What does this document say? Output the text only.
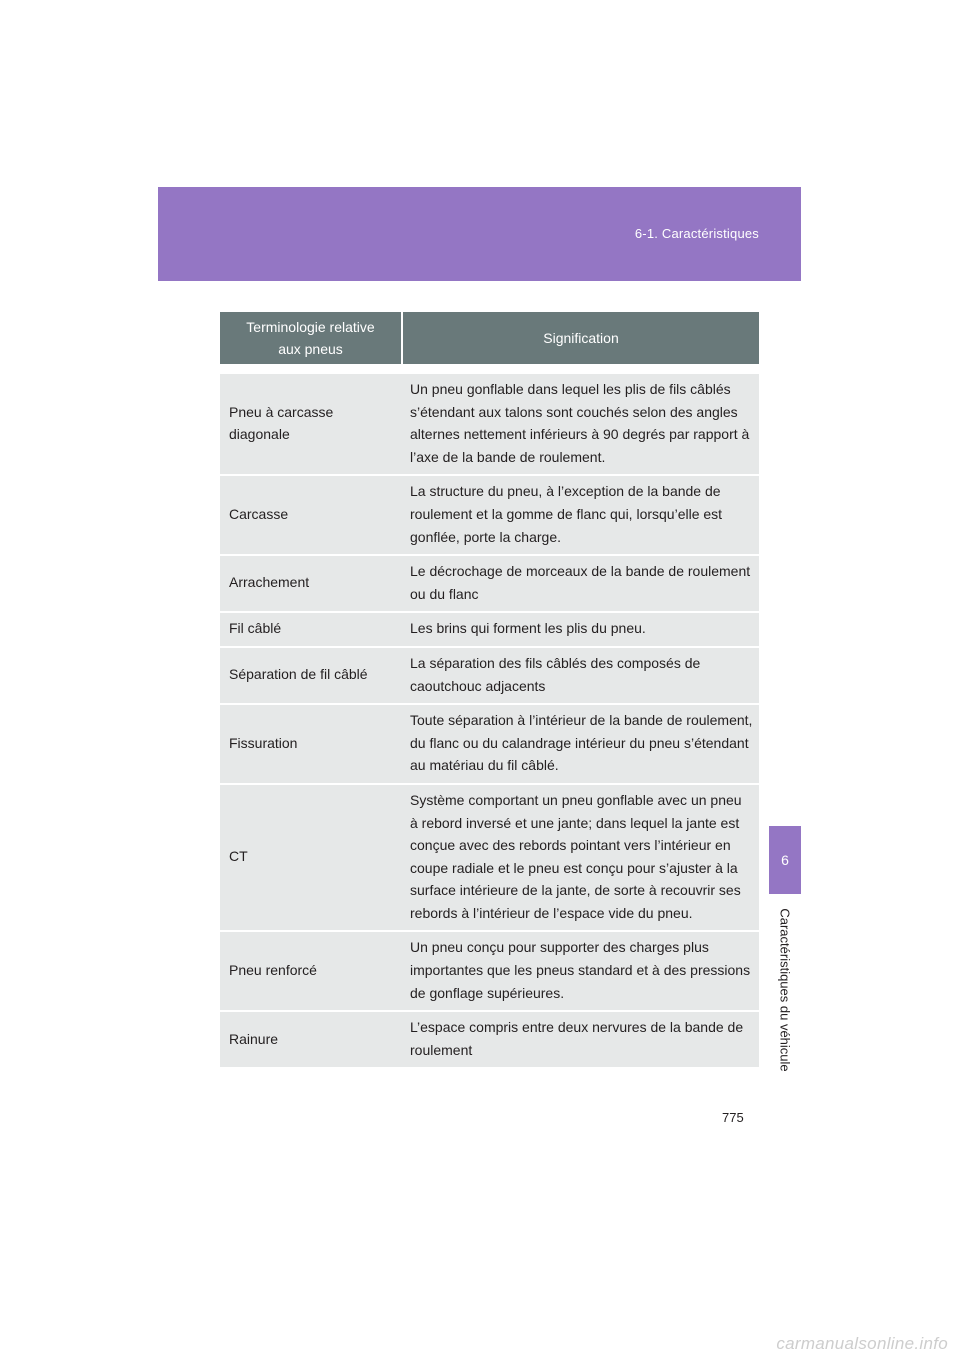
6-1. Caractéristiques
Terminologie relative
aux pneus	Signification

Pneu à carcasse diagonale	Un pneu gonflable dans lequel les plis de fils câblés s’étendant aux talons sont couchés selon des angles alternes nettement inférieurs à 90 degrés par rapport à l’axe de la bande de roulement.
Carcasse	La structure du pneu, à l’exception de la bande de roulement et la gomme de flanc qui, lorsqu’elle est gonflée, porte la charge.
Arrachement	Le décrochage de morceaux de la bande de roulement ou du flanc
Fil câblé	Les brins qui forment les plis du pneu.
Séparation de fil câblé	La séparation des fils câblés des composés de caoutchouc adjacents
Fissuration	Toute séparation à l’intérieur de la bande de roulement, du flanc ou du calandrage intérieur du pneu s’étendant au matériau du fil câblé.
CT	Système comportant un pneu gonflable avec un pneu à rebord inversé et une jante; dans lequel la jante est conçue avec des rebords pointant vers l’intérieur en coupe radiale et le pneu est conçu pour s’ajuster à la surface intérieure de la jante, de sorte à recouvrir ses rebords à l’intérieur de l’espace vide du pneu.
Pneu renforcé	Un pneu conçu pour supporter des charges plus importantes que les pneus standard et à des pressions de gonflage supérieures.
Rainure	L’espace compris entre deux nervures de la bande de roulement
6
Caractéristiques du véhicule
775
carmanualsonline.info
